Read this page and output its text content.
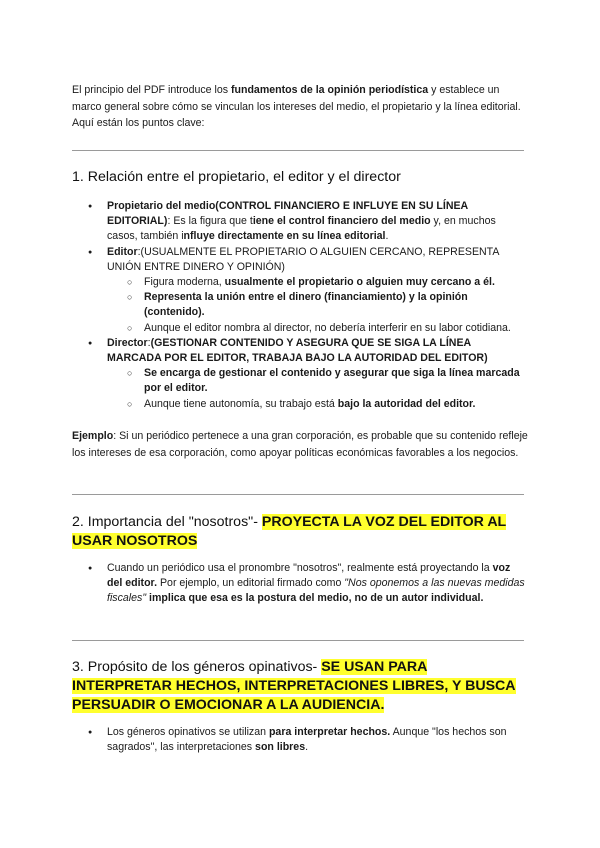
El principio del PDF introduce los fundamentos de la opinión periodística y establece un marco general sobre cómo se vinculan los intereses del medio, el propietario y la línea editorial. Aquí están los puntos clave:

1. Relación entre el propietario, el editor y el director
● Propietario del medio(CONTROL FINANCIERO E INFLUYE EN SU LÍNEA EDITORIAL): Es la figura que tiene el control financiero del medio y, en muchos casos, también influye directamente en su línea editorial.
● Editor:(USUALMENTE EL PROPIETARIO O ALGUIEN CERCANO, REPRESENTA UNIÓN ENTRE DINERO Y OPINIÓN)
○ Figura moderna, usualmente el propietario o alguien muy cercano a él.
○ Representa la unión entre el dinero (financiamiento) y la opinión (contenido).
○ Aunque el editor nombra al director, no debería interferir en su labor cotidiana.
● Director:(GESTIONAR CONTENIDO Y ASEGURA QUE SE SIGA LA LÍNEA MARCADA POR EL EDITOR, TRABAJA BAJO LA AUTORIDAD DEL EDITOR)
○ Se encarga de gestionar el contenido y asegurar que siga la línea marcada por el editor.
○ Aunque tiene autonomía, su trabajo está bajo la autoridad del editor.

Ejemplo: Si un periódico pertenece a una gran corporación, es probable que su contenido refleje los intereses de esa corporación, como apoyar políticas económicas favorables a los negocios.

2. Importancia del "nosotros"- PROYECTA LA VOZ DEL EDITOR AL USAR NOSOTROS
● Cuando un periódico usa el pronombre "nosotros", realmente está proyectando la voz del editor. Por ejemplo, un editorial firmado como "Nos oponemos a las nuevas medidas fiscales" implica que esa es la postura del medio, no de un autor individual.
3. Propósito de los géneros opinativos- SE USAN PARA INTERPRETAR HECHOS, INTERPRETACIONES LIBRES, Y BUSCA PERSUADIR O EMOCIONAR A LA AUDIENCIA.
● Los géneros opinativos se utilizan para interpretar hechos. Aunque "los hechos son sagrados", las interpretaciones son libres.
